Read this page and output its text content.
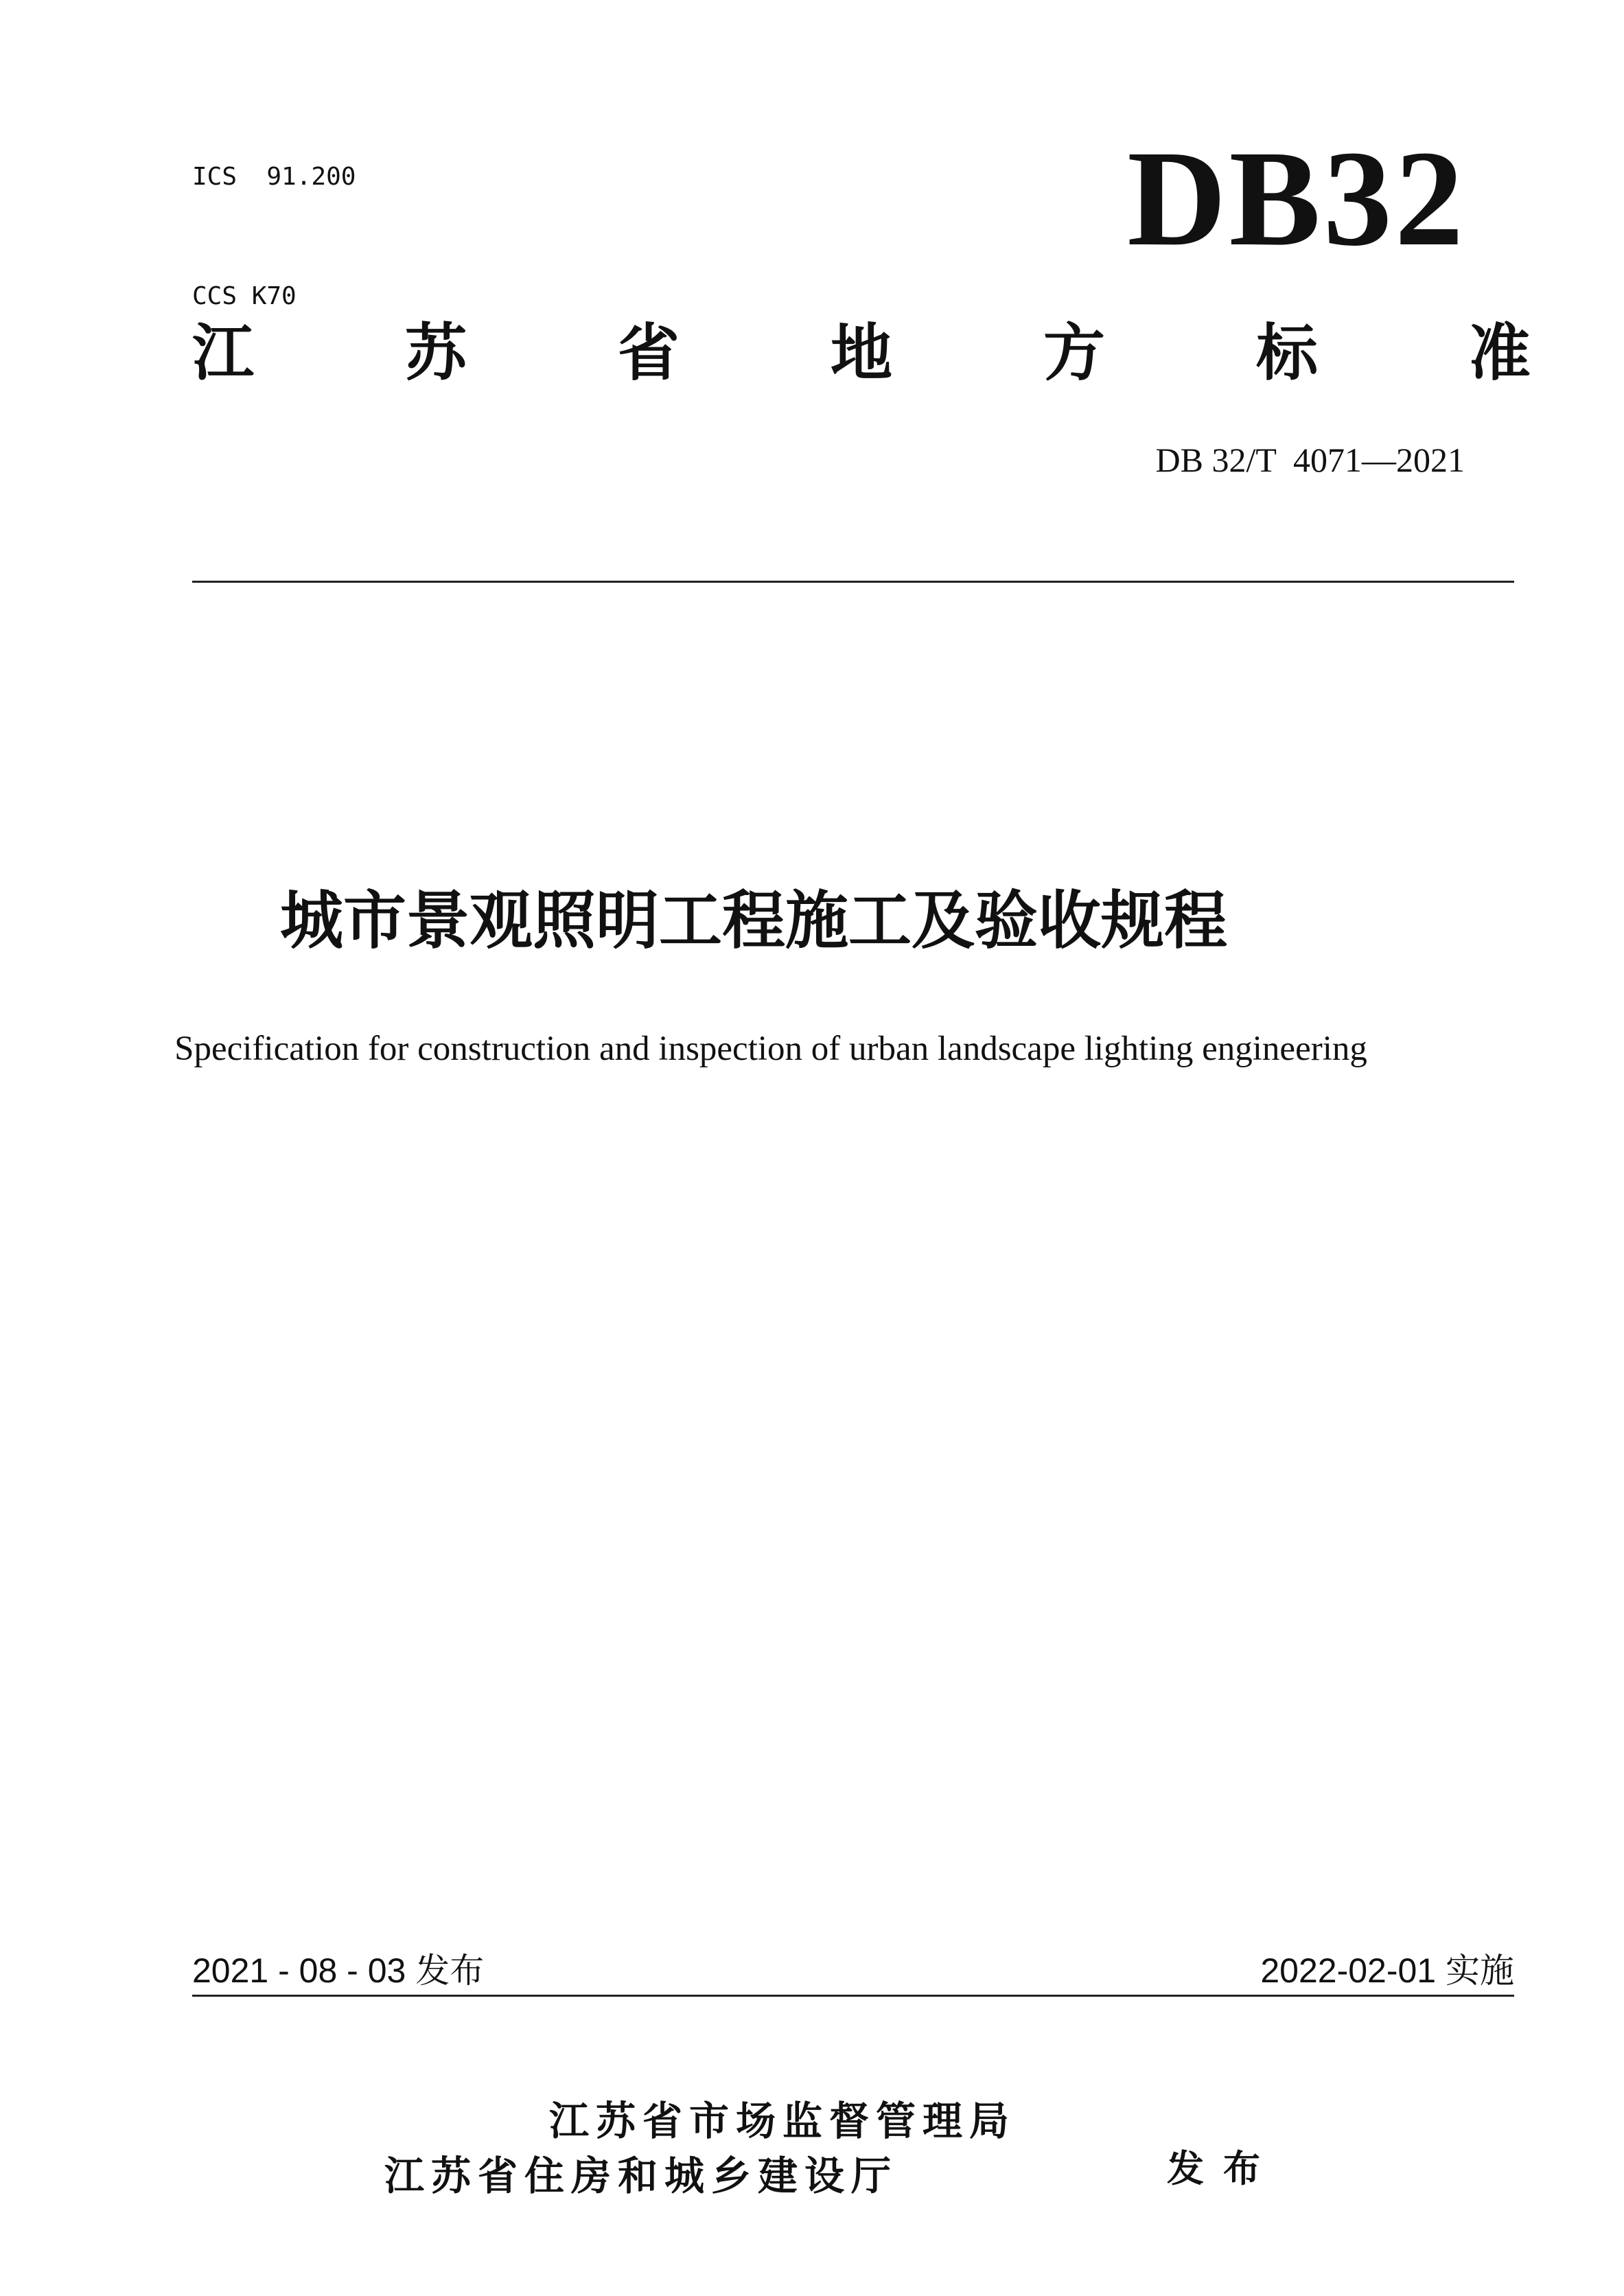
ICS  91.200

CCS K70

DB32
江 苏 省 地 方 标 准
DB 32/T  4071—2021
城市景观照明工程施工及验收规程
Specification for construction and inspection of urban landscape lighting engineering
2021 - 08 - 03 发布	2022-02-01 实施
江苏省市场监督管理局
江苏省住房和城乡建设厅	发布
